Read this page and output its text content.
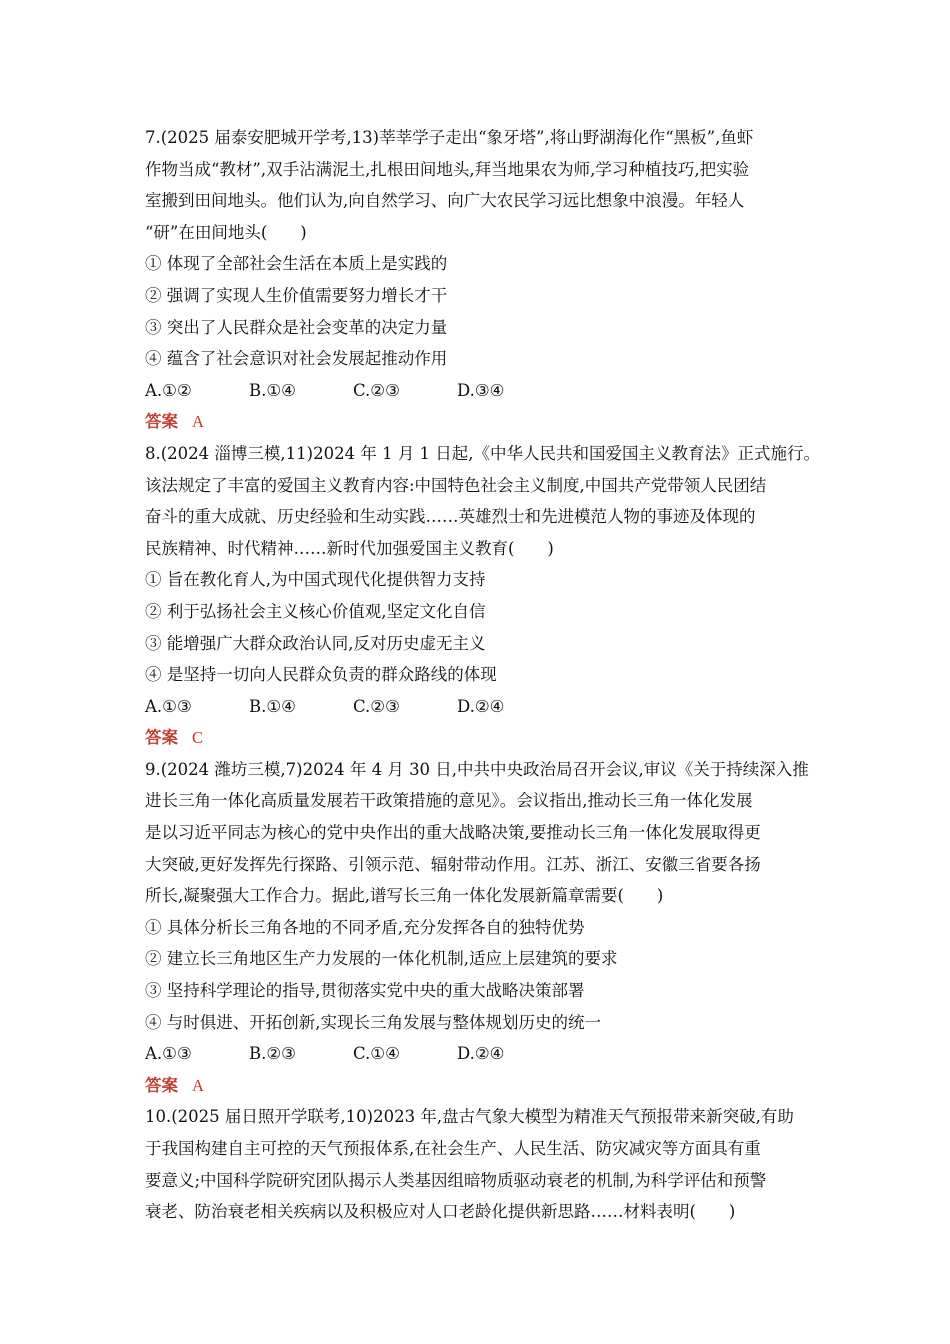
7.(2025 届泰安肥城开学考,13)莘莘学子走出“象牙塔”,将山野湖海化作“黑板”,鱼虾
作物当成“教材”,双手沾满泥土,扎根田间地头,拜当地果农为师,学习种植技巧,把实验
室搬到田间地头。他们认为,向自然学习、向广大农民学习远比想象中浪漫。年轻人
“研”在田间地头(　　)
① 体现了全部社会生活在本质上是实践的
② 强调了实现人生价值需要努力增长才干
③ 突出了人民群众是社会变革的决定力量
④ 蕴含了社会意识对社会发展起推动作用
A.①②	B.①④	C.②③	D.③④
答案 A
8.(2024 淄博三模,11)2024 年 1 月 1 日起,《中华人民共和国爱国主义教育法》正式施行。
该法规定了丰富的爱国主义教育内容:中国特色社会主义制度,中国共产党带领人民团结
奋斗的重大成就、历史经验和生动实践……英雄烈士和先进模范人物的事迹及体现的
民族精神、时代精神……新时代加强爱国主义教育(　　)
① 旨在教化育人,为中国式现代化提供智力支持
② 利于弘扬社会主义核心价值观,坚定文化自信
③ 能增强广大群众政治认同,反对历史虚无主义
④ 是坚持一切向人民群众负责的群众路线的体现
A.①③	B.①④	C.②③	D.②④
答案 C
9.(2024 潍坊三模,7)2024 年 4 月 30 日,中共中央政治局召开会议,审议《关于持续深入推
进长三角一体化高质量发展若干政策措施的意见》。会议指出,推动长三角一体化发展
是以习近平同志为核心的党中央作出的重大战略决策,要推动长三角一体化发展取得更
大突破,更好发挥先行探路、引领示范、辐射带动作用。江苏、浙江、安徽三省要各扬
所长,凝聚强大工作合力。据此,谱写长三角一体化发展新篇章需要(　　)
① 具体分析长三角各地的不同矛盾,充分发挥各自的独特优势
② 建立长三角地区生产力发展的一体化机制,适应上层建筑的要求
③ 坚持科学理论的指导,贯彻落实党中央的重大战略决策部署
④ 与时俱进、开拓创新,实现长三角发展与整体规划历史的统一
A.①③	B.②③	C.①④	D.②④
答案 A
10.(2025 届日照开学联考,10)2023 年,盘古气象大模型为精准天气预报带来新突破,有助
于我国构建自主可控的天气预报体系,在社会生产、人民生活、防灾减灾等方面具有重
要意义;中国科学院研究团队揭示人类基因组暗物质驱动衰老的机制,为科学评估和预警
衰老、防治衰老相关疾病以及积极应对人口老龄化提供新思路……材料表明(　　)
